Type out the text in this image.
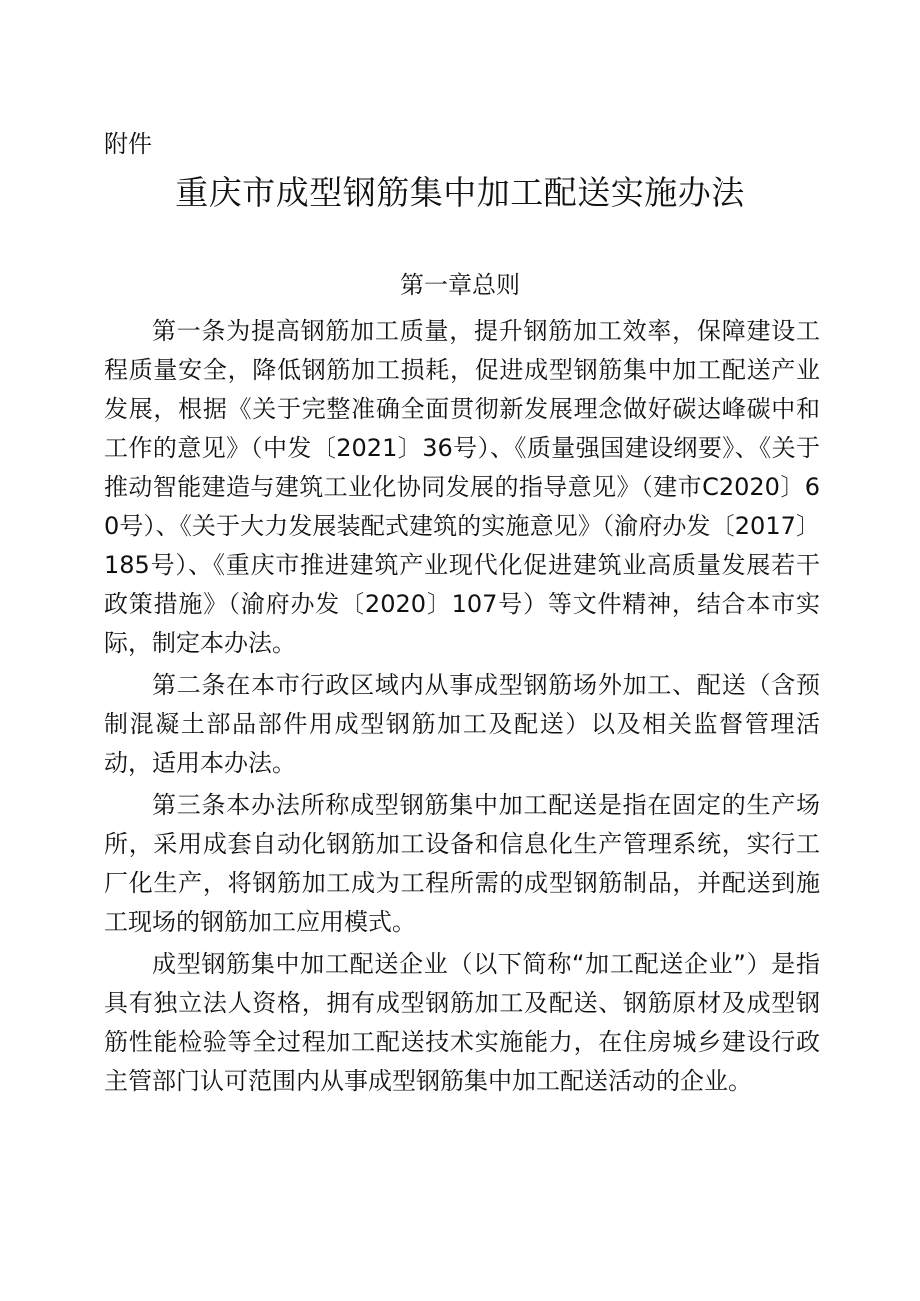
附件

重庆市成型钢筋集中加工配送实施办法
第一章总则

第一条为提高钢筋加工质量，提升钢筋加工效率，保障建设工程质量安全，降低钢筋加工损耗，促进成型钢筋集中加工配送产业发展，根据《关于完整准确全面贯彻新发展理念做好碳达峰碳中和工作的意见》（中发〔2021〕36号）、《质量强国建设纲要》、《关于推动智能建造与建筑工业化协同发展的指导意见》（建市C2020〕60号）、《关于大力发展装配式建筑的实施意见》（渝府办发〔2017〕185号）、《重庆市推进建筑产业现代化促进建筑业高质量发展若干政策措施》（渝府办发〔2020〕107号）等文件精神，结合本市实际，制定本办法。

第二条在本市行政区域内从事成型钢筋场外加工、配送（含预制混凝土部品部件用成型钢筋加工及配送）以及相关监督管理活动，适用本办法。

第三条本办法所称成型钢筋集中加工配送是指在固定的生产场所，采用成套自动化钢筋加工设备和信息化生产管理系统，实行工厂化生产，将钢筋加工成为工程所需的成型钢筋制品，并配送到施工现场的钢筋加工应用模式。

成型钢筋集中加工配送企业（以下简称“加工配送企业”）是指具有独立法人资格，拥有成型钢筋加工及配送、钢筋原材及成型钢筋性能检验等全过程加工配送技术实施能力，在住房城乡建设行政主管部门认可范围内从事成型钢筋集中加工配送活动的企业。
